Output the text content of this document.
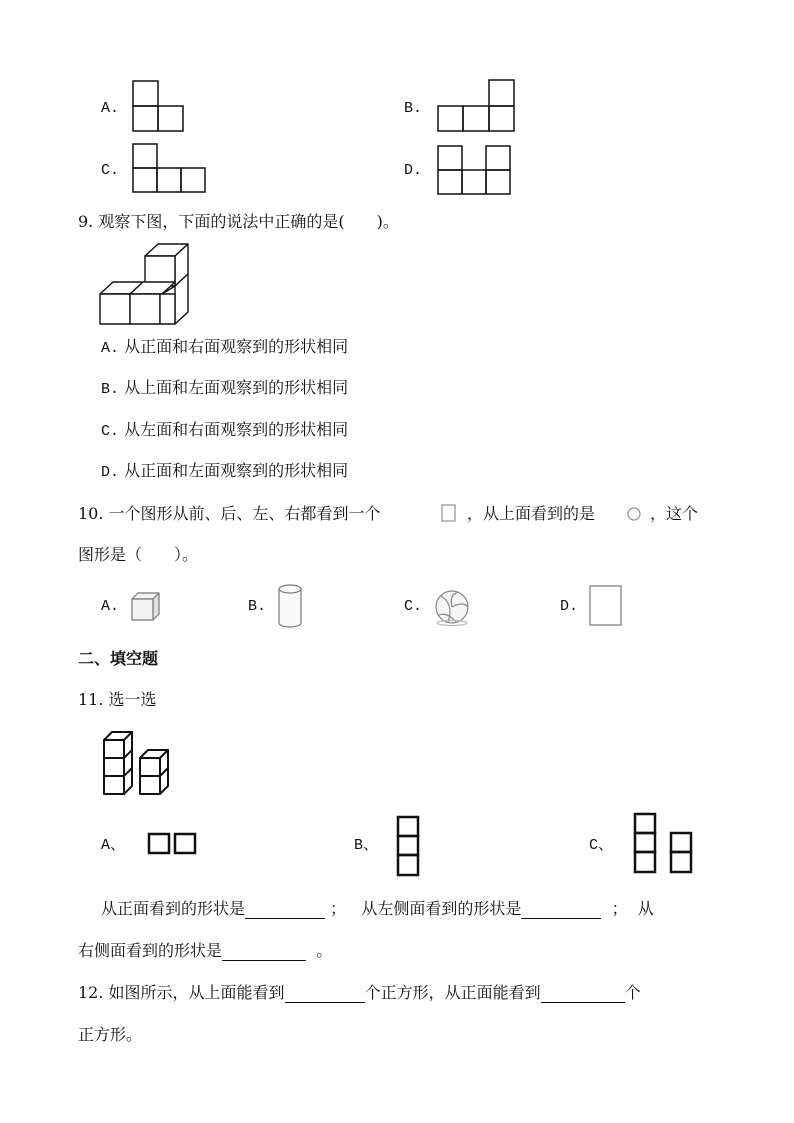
A.	B.
C.	D.
9. 观察下图，下面的说法中正确的是(　　)。
A. 从正面和右面观察到的形状相同
B. 从上面和左面观察到的形状相同
C. 从左面和右面观察到的形状相同
D. 从正面和左面观察到的形状相同
10. 一个图形从前、后、左、右都看到一个	，从上面看到的是	，这个
图形是（　　）。
A.	B.	C.	D.
二、填空题
11. 选一选
A、	B、	C、
从正面看到的形状是	； 从左侧面看到的形状是	； 从
右侧面看到的形状是	。
12. 如图所示，从上面能看到	个正方形，从正面能看到	个
正方形。
